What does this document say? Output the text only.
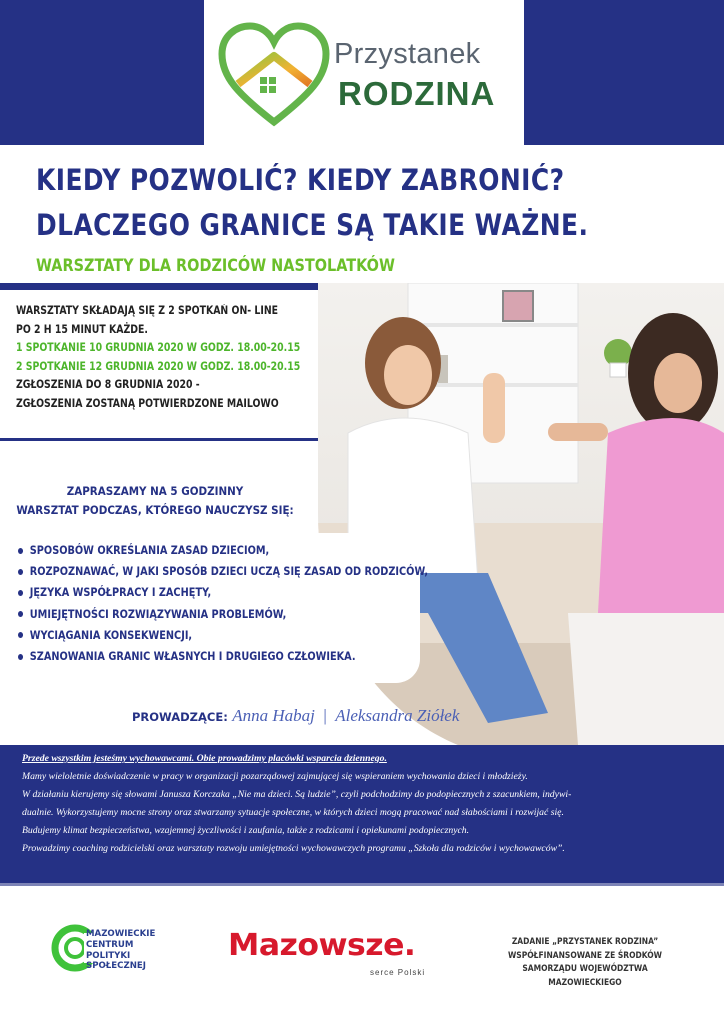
Przystanek
RODZINA
KIEDY POZWOLIĆ? KIEDY ZABRONIĆ?
DLACZEGO GRANICE SĄ TAKIE WAŻNE.
WARSZTATY DLA RODZICÓW NASTOLATKÓW
WARSZTATY SKŁADAJĄ SIĘ Z 2 SPOTKAŃ ON- LINE
PO 2 H 15 MINUT KAŻDE.
1 SPOTKANIE 10 GRUDNIA 2020 W GODZ. 18.00-20.15
2 SPOTKANIE 12 GRUDNIA 2020 W GODZ. 18.00-20.15
ZGŁOSZENIA DO 8 GRUDNIA 2020 -
ZGŁOSZENIA ZOSTANĄ POTWIERDZONE MAILOWO
ZAPRASZAMY NA 5 GODZINNY
WARSZTAT PODCZAS, KTÓREGO NAUCZYSZ SIĘ:
SPOSOBÓW OKREŚLANIA ZASAD DZIECIOM,
ROZPOZNAWAĆ, W JAKI SPOSÓB DZIECI UCZĄ SIĘ ZASAD OD RODZICÓW,
JĘZYKA WSPÓŁPRACY I ZACHĘTY,
UMIEJĘTNOŚCI ROZWIĄZYWANIA PROBLEMÓW,
WYCIĄGANIA KONSEKWENCJI,
SZANOWANIA GRANIC WŁASNYCH I DRUGIEGO CZŁOWIEKA.
PROWADZĄCE: Anna Habaj | Aleksandra Ziółek
Przede wszystkim jesteśmy wychowawcami. Obie prowadzimy placówki wsparcia dziennego.
Mamy wieloletnie doświadczenie w pracy w organizacji pozarządowej zajmującej się wspieraniem wychowania dzieci i młodzieży.
W działaniu kierujemy się słowami Janusza Korczaka „Nie ma dzieci. Są ludzie”, czyli podchodzimy do podopiecznych z szacunkiem, indywi-
dualnie. Wykorzystujemy mocne strony oraz stwarzamy sytuacje społeczne, w których dzieci mogą pracować nad słabościami i rozwijać się.
Budujemy klimat bezpieczeństwa, wzajemnej życzliwości i zaufania, także z rodzicami i opiekunami podopiecznych.
Prowadzimy coaching rodzicielski oraz warsztaty rozwoju umiejętności wychowawczych programu „Szkoła dla rodziców i wychowawców”.
MAZOWIECKIE
CENTRUM
POLITYKI
SPOŁECZNEJ
Mazowsze.
serce Polski
ZADANIE „PRZYSTANEK RODZINA”
WSPÓŁFINANSOWANE ZE ŚRODKÓW
SAMORZĄDU WOJEWÓDZTWA MAZOWIECKIEGO
